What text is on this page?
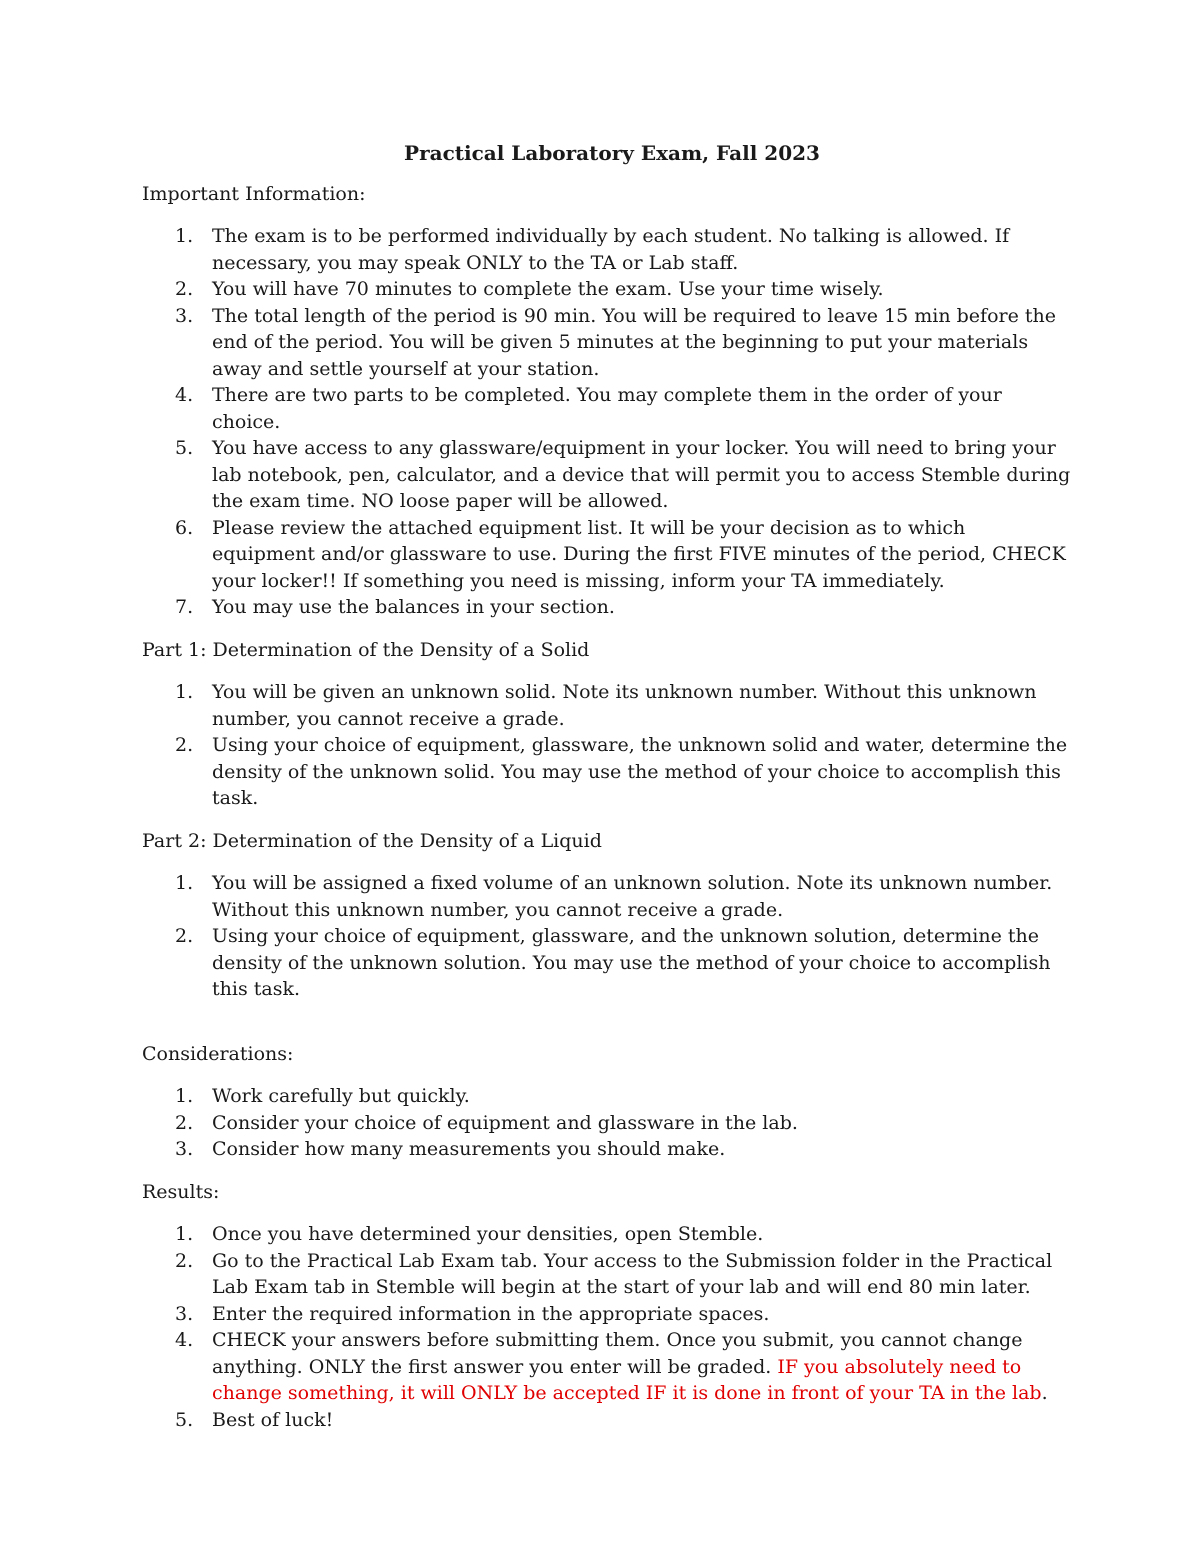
Practical Laboratory Exam, Fall 2023
Important Information:
1. The exam is to be performed individually by each student. No talking is allowed. If necessary, you may speak ONLY to the TA or Lab staff.
2. You will have 70 minutes to complete the exam. Use your time wisely.
3. The total length of the period is 90 min. You will be required to leave 15 min before the end of the period. You will be given 5 minutes at the beginning to put your materials away and settle yourself at your station.
4. There are two parts to be completed. You may complete them in the order of your choice.
5. You have access to any glassware/equipment in your locker. You will need to bring your lab notebook, pen, calculator, and a device that will permit you to access Stemble during the exam time. NO loose paper will be allowed.
6. Please review the attached equipment list. It will be your decision as to which equipment and/or glassware to use. During the first FIVE minutes of the period, CHECK your locker!! If something you need is missing, inform your TA immediately.
7. You may use the balances in your section.
Part 1: Determination of the Density of a Solid
1. You will be given an unknown solid. Note its unknown number. Without this unknown number, you cannot receive a grade.
2. Using your choice of equipment, glassware, the unknown solid and water, determine the density of the unknown solid. You may use the method of your choice to accomplish this task.
Part 2: Determination of the Density of a Liquid
1. You will be assigned a fixed volume of an unknown solution. Note its unknown number. Without this unknown number, you cannot receive a grade.
2. Using your choice of equipment, glassware, and the unknown solution, determine the density of the unknown solution. You may use the method of your choice to accomplish this task.
Considerations:
1. Work carefully but quickly.
2. Consider your choice of equipment and glassware in the lab.
3. Consider how many measurements you should make.
Results:
1. Once you have determined your densities, open Stemble.
2. Go to the Practical Lab Exam tab. Your access to the Submission folder in the Practical Lab Exam tab in Stemble will begin at the start of your lab and will end 80 min later.
3. Enter the required information in the appropriate spaces.
4. CHECK your answers before submitting them. Once you submit, you cannot change anything. ONLY the first answer you enter will be graded. IF you absolutely need to change something, it will ONLY be accepted IF it is done in front of your TA in the lab.
5. Best of luck!
